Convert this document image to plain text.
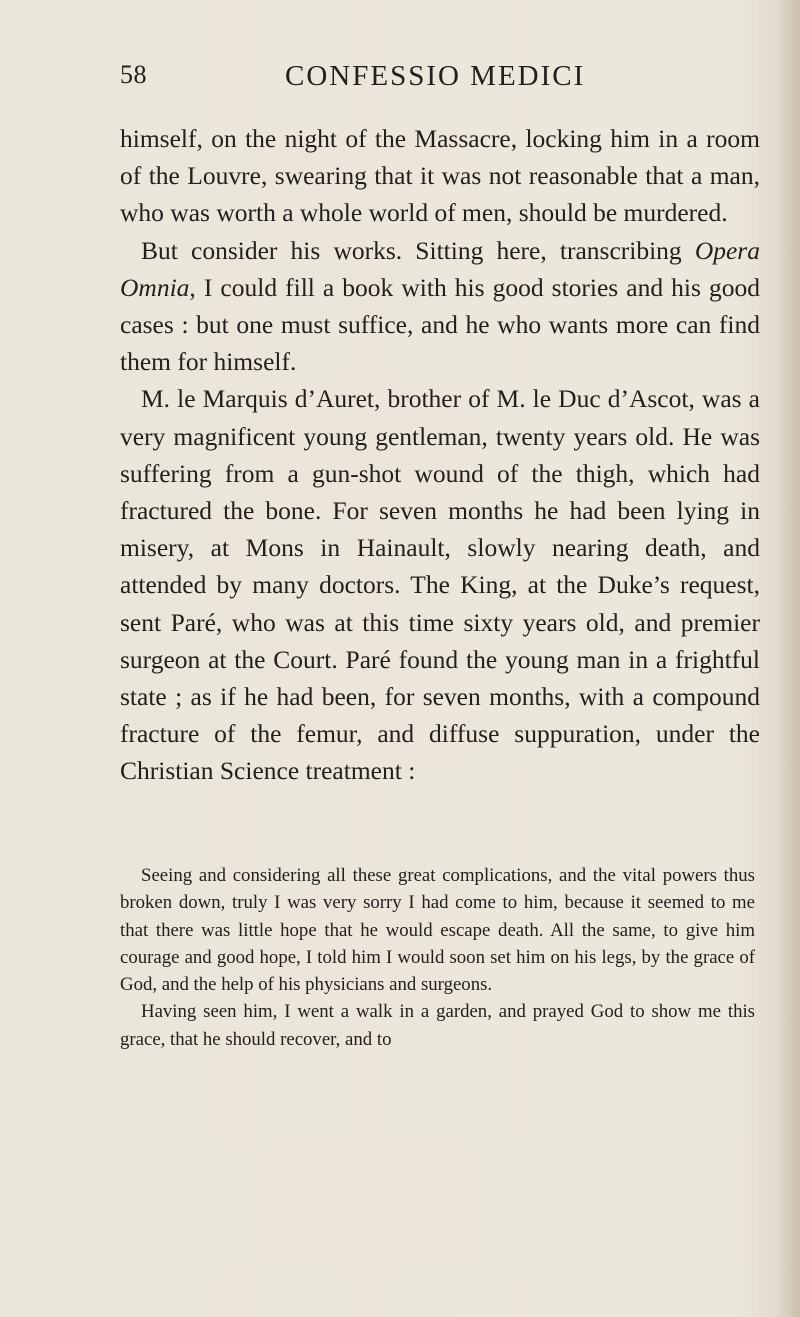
58	CONFESSIO MEDICI

himself, on the night of the Massacre, locking him in a room of the Louvre, swearing that it was not reasonable that a man, who was worth a whole world of men, should be murdered.

But consider his works. Sitting here, transcribing Opera Omnia, I could fill a book with his good stories and his good cases : but one must suffice, and he who wants more can find them for himself.

M. le Marquis d’Auret, brother of M. le Duc d’Ascot, was a very magnificent young gentleman, twenty years old. He was suffering from a gun-shot wound of the thigh, which had fractured the bone. For seven months he had been lying in misery, at Mons in Hainault, slowly nearing death, and attended by many doctors. The King, at the Duke’s request, sent Paré, who was at this time sixty years old, and premier surgeon at the Court. Paré found the young man in a frightful state ; as if he had been, for seven months, with a compound fracture of the femur, and diffuse suppuration, under the Christian Science treatment :

Seeing and considering all these great complications, and the vital powers thus broken down, truly I was very sorry I had come to him, because it seemed to me that there was little hope that he would escape death. All the same, to give him courage and good hope, I told him I would soon set him on his legs, by the grace of God, and the help of his physicians and surgeons.

Having seen him, I went a walk in a garden, and prayed God to show me this grace, that he should recover, and to
